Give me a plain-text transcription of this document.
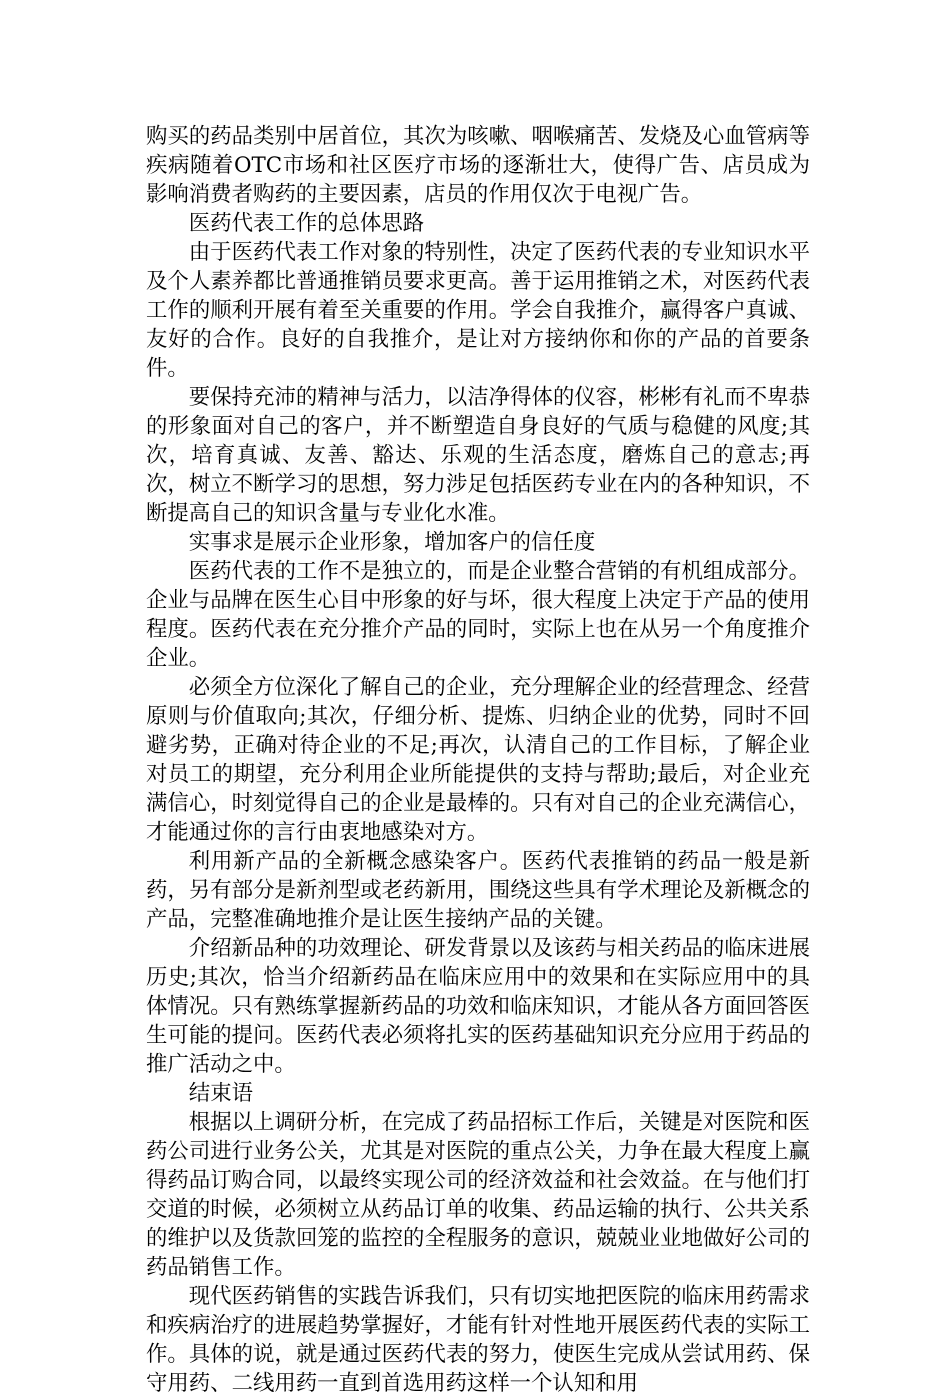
购买的药品类别中居首位，其次为咳嗽、咽喉痛苦、发烧及心血管病等疾病随着OTC市场和社区医疗市场的逐渐壮大，使得广告、店员成为影响消费者购药的主要因素，店员的作用仅次于电视广告。

医药代表工作的总体思路

由于医药代表工作对象的特别性，决定了医药代表的专业知识水平及个人素养都比普通推销员要求更高。善于运用推销之术，对医药代表工作的顺利开展有着至关重要的作用。学会自我推介，赢得客户真诚、友好的合作。良好的自我推介，是让对方接纳你和你的产品的首要条件。

要保持充沛的精神与活力，以洁净得体的仪容，彬彬有礼而不卑恭的形象面对自己的客户，并不断塑造自身良好的气质与稳健的风度;其次，培育真诚、友善、豁达、乐观的生活态度，磨炼自己的意志;再次，树立不断学习的思想，努力涉足包括医药专业在内的各种知识，不断提高自己的知识含量与专业化水准。

实事求是展示企业形象，增加客户的信任度

医药代表的工作不是独立的，而是企业整合营销的有机组成部分。企业与品牌在医生心目中形象的好与坏，很大程度上决定于产品的使用程度。医药代表在充分推介产品的同时，实际上也在从另一个角度推介企业。

必须全方位深化了解自己的企业，充分理解企业的经营理念、经营原则与价值取向;其次，仔细分析、提炼、归纳企业的优势，同时不回避劣势，正确对待企业的不足;再次，认清自己的工作目标，了解企业对员工的期望，充分利用企业所能提供的支持与帮助;最后，对企业充满信心，时刻觉得自己的企业是最棒的。只有对自己的企业充满信心，才能通过你的言行由衷地感染对方。

利用新产品的全新概念感染客户。医药代表推销的药品一般是新药，另有部分是新剂型或老药新用，围绕这些具有学术理论及新概念的产品，完整准确地推介是让医生接纳产品的关键。

介绍新品种的功效理论、研发背景以及该药与相关药品的临床进展历史;其次，恰当介绍新药品在临床应用中的效果和在实际应用中的具体情况。只有熟练掌握新药品的功效和临床知识，才能从各方面回答医生可能的提问。医药代表必须将扎实的医药基础知识充分应用于药品的推广活动之中。

结束语

根据以上调研分析，在完成了药品招标工作后，关键是对医院和医药公司进行业务公关，尤其是对医院的重点公关，力争在最大程度上赢得药品订购合同，以最终实现公司的经济效益和社会效益。在与他们打交道的时候，必须树立从药品订单的收集、药品运输的执行、公共关系的维护以及货款回笼的监控的全程服务的意识，兢兢业业地做好公司的药品销售工作。

现代医药销售的实践告诉我们，只有切实地把医院的临床用药需求和疾病治疗的进展趋势掌握好，才能有针对性地开展医药代表的实际工作。具体的说，就是通过医药代表的努力，使医生完成从尝试用药、保守用药、二线用药一直到首选用药这样一个认知和用
